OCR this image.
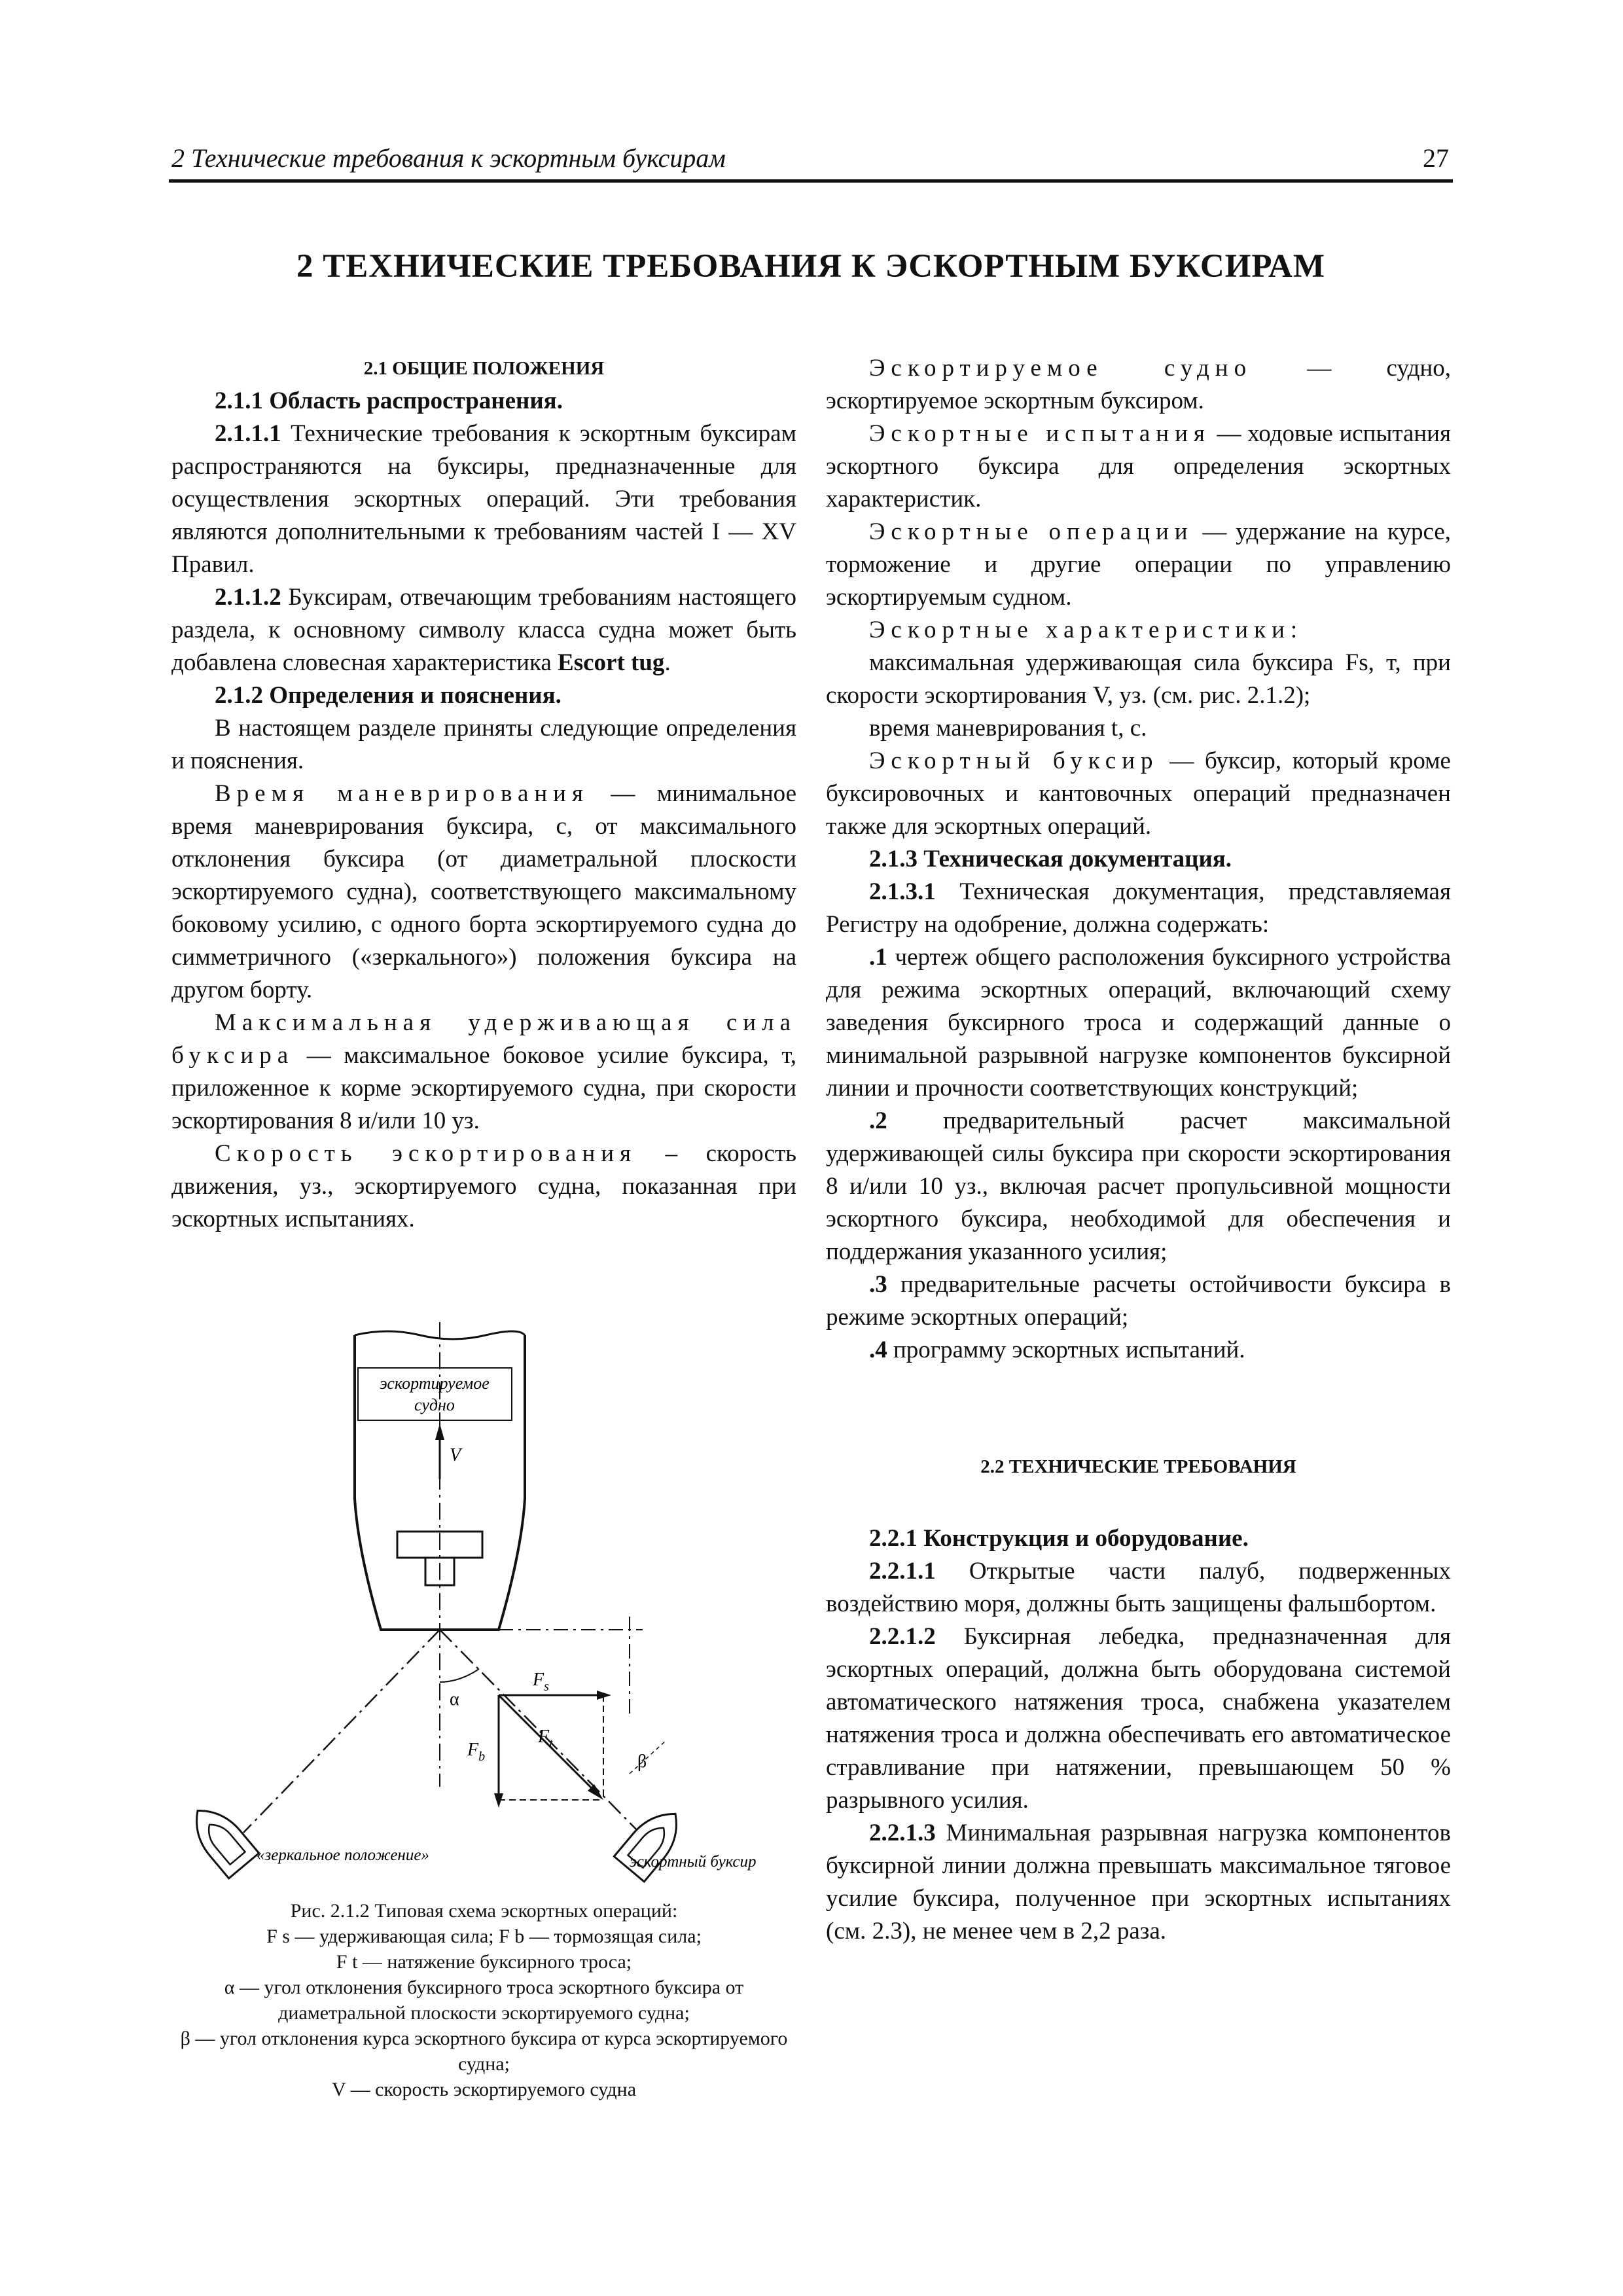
2 Технические требования к эскортным буксирам	27
2 ТЕХНИЧЕСКИЕ ТРЕБОВАНИЯ К ЭСКОРТНЫМ БУКСИРАМ

2.1 ОБЩИЕ ПОЛОЖЕНИЯ

2.1.1 Область распространения.

2.1.1.1 Технические требования к эскортным буксирам распространяются на буксиры, предназначенные для осуществления эскортных операций. Эти требования являются дополнительными к требованиям частей I — XV Правил.

2.1.1.2 Буксирам, отвечающим требованиям настоящего раздела, к основному символу класса судна может быть добавлена словесная характеристика Escort tug.

2.1.2 Определения и пояснения.

В настоящем разделе приняты следующие определения и пояснения.

Время маневрирования — минимальное время маневрирования буксира, с, от максимального отклонения буксира (от диаметральной плоскости эскортируемого судна), соответствующего максимальному боковому усилию, с одного борта эскортируемого судна до симметричного («зеркального») положения буксира на другом борту.

Максимальная удерживающая сила буксира — максимальное боковое усилие буксира, т, приложенное к корме эскортируемого судна, при скорости эскортирования 8 и/или 10 уз.

Скорость эскортирования – скорость движения, уз., эскортируемого судна, показанная при эскортных испытаниях.

эскортируемое
судно
V
α
$F_s$
$F_b$
$F_t$
β
«зеркальное положение»	эскортный буксир

Рис. 2.1.2 Типовая схема эскортных операций:

F s — удерживающая сила; F b — тормозящая сила;

F t — натяжение буксирного троса;

α — угол отклонения буксирного троса эскортного буксира от диаметральной плоскости эскортируемого судна;

β — угол отклонения курса эскортного буксира от курса эскортируемого судна;

V — скорость эскортируемого судна

Эскортируемое судно — судно, эскортируемое эскортным буксиром.

Эскортные испытания — ходовые испытания эскортного буксира для определения эскортных характеристик.

Эскортные операции — удержание на курсе, торможение и другие операции по управлению эскортируемым судном.

Эскортные характеристики:

максимальная удерживающая сила буксира Fs, т, при скорости эскортирования V, уз. (см. рис. 2.1.2);

время маневрирования t, с.

Эскортный буксир — буксир, который кроме буксировочных и кантовочных операций предназначен также для эскортных операций.

2.1.3 Техническая документация.

2.1.3.1 Техническая документация, представляемая Регистру на одобрение, должна содержать:

.1 чертеж общего расположения буксирного устройства для режима эскортных операций, включающий схему заведения буксирного троса и содержащий данные о минимальной разрывной нагрузке компонентов буксирной линии и прочности соответствующих конструкций;

.2 предварительный расчет максимальной удерживающей силы буксира при скорости эскортирования 8 и/или 10 уз., включая расчет пропульсивной мощности эскортного буксира, необходимой для обеспечения и поддержания указанного усилия;

.3 предварительные расчеты остойчивости буксира в режиме эскортных операций;

.4 программу эскортных испытаний.

2.2 ТЕХНИЧЕСКИЕ ТРЕБОВАНИЯ

2.2.1 Конструкция и оборудование.

2.2.1.1 Открытые части палуб, подверженных воздействию моря, должны быть защищены фальшбортом.

2.2.1.2 Буксирная лебедка, предназначенная для эскортных операций, должна быть оборудована системой автоматического натяжения троса, снабжена указателем натяжения троса и должна обеспечивать его автоматическое стравливание при натяжении, превышающем 50 % разрывного усилия.

2.2.1.3 Минимальная разрывная нагрузка компонентов буксирной линии должна превышать максимальное тяговое усилие буксира, полученное при эскортных испытаниях (см. 2.3), не менее чем в 2,2 раза.
